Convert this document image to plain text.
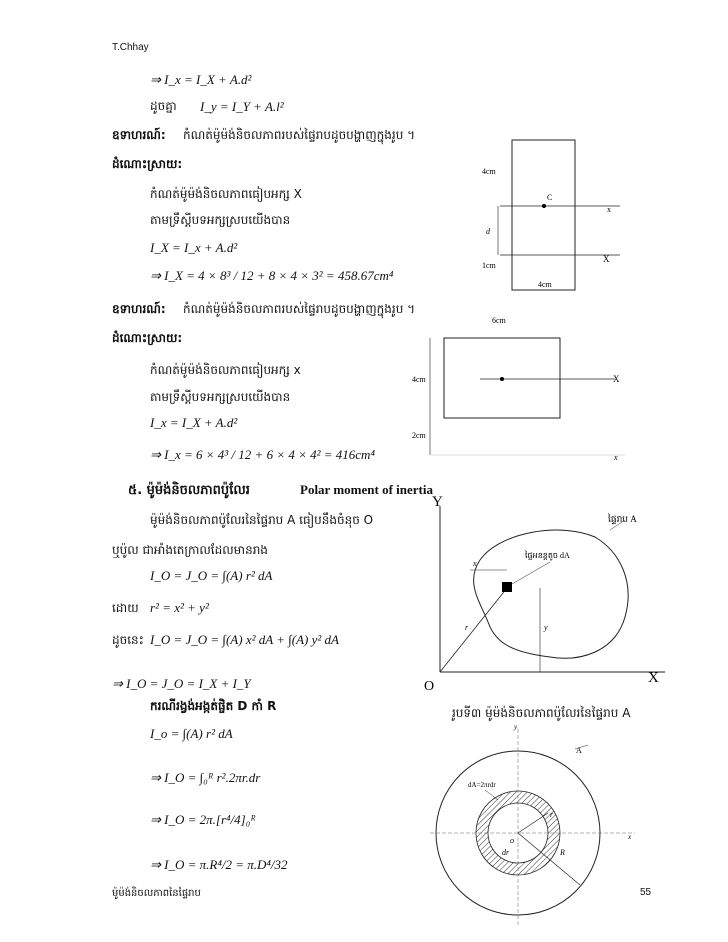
T.Chhay
⇒ I_x = I_X + A.d²
ដូចគ្នា I_y = I_Y + A.l²
ឧទាហរណ៍: កំណត់ម៉ូម៉ង់និចលភាពរបស់ផ្ទៃរាបដូចបង្ហាញក្នុងរូប ។
ដំណោះស្រាយ:
កំណត់ម៉ូម៉ង់និចលភាពធៀបអក្ស X
តាមទ្រឹស្តីបទអក្សស្របយើងបាន
I_X = I_x + A.d²
⇒ I_X = 4 × 8³ / 12 + 8 × 4 × 3² = 458.67cm⁴
4cm
C
x
d
X
1cm
4cm
ឧទាហរណ៍: កំណត់ម៉ូម៉ង់និចលភាពរបស់ផ្ទៃរាបដូចបង្ហាញក្នុងរូប ។
ដំណោះស្រាយ:
កំណត់ម៉ូម៉ង់និចលភាពធៀបអក្ស x
តាមទ្រឹស្តីបទអក្សស្របយើងបាន
I_x = I_X + A.d²
⇒ I_x = 6 × 4³ / 12 + 6 × 4 × 4² = 416cm⁴
6cm
4cm	X
2cm
x
៥. ម៉ូម៉ង់និចលភាពប៉ូលែរ	Polar moment of inertia
ម៉ូម៉ង់និចលភាពប៉ូលែរនៃផ្ទៃរាប A ធៀបនឹងចំនុច O
ឬប៉ូល ជាអាំងតេក្រាលដែលមានរាង
I_O = J_O = ∫(A) r² dA
ដោយ r² = x² + y²
ដូចនេះ I_O = J_O = ∫(A) x² dA + ∫(A) y² dA
⇒ I_O = J_O = I_X + I_Y
ករណីរង្វង់អង្កត់ផ្ចិត D កាំ R
I_o = ∫(A) r² dA
⇒ I_O = ∫₀ᴿ r².2πr.dr
⇒ I_O = 2π.[r⁴/4]₀ᴿ
⇒ I_O = π.R⁴/2 = π.D⁴/32
Y
ផ្ទៃរាប A
ផ្ទៃអនន្តតូច dA
x
r	y
X
O
រូបទី៣ ម៉ូម៉ង់និចលភាពប៉ូលែរនៃផ្ទៃរាប A
y
A
dA=2πrdr
r
o
dr	R
x
ម៉ូម៉ង់និចលភាពនៃផ្ទៃរាប	55
